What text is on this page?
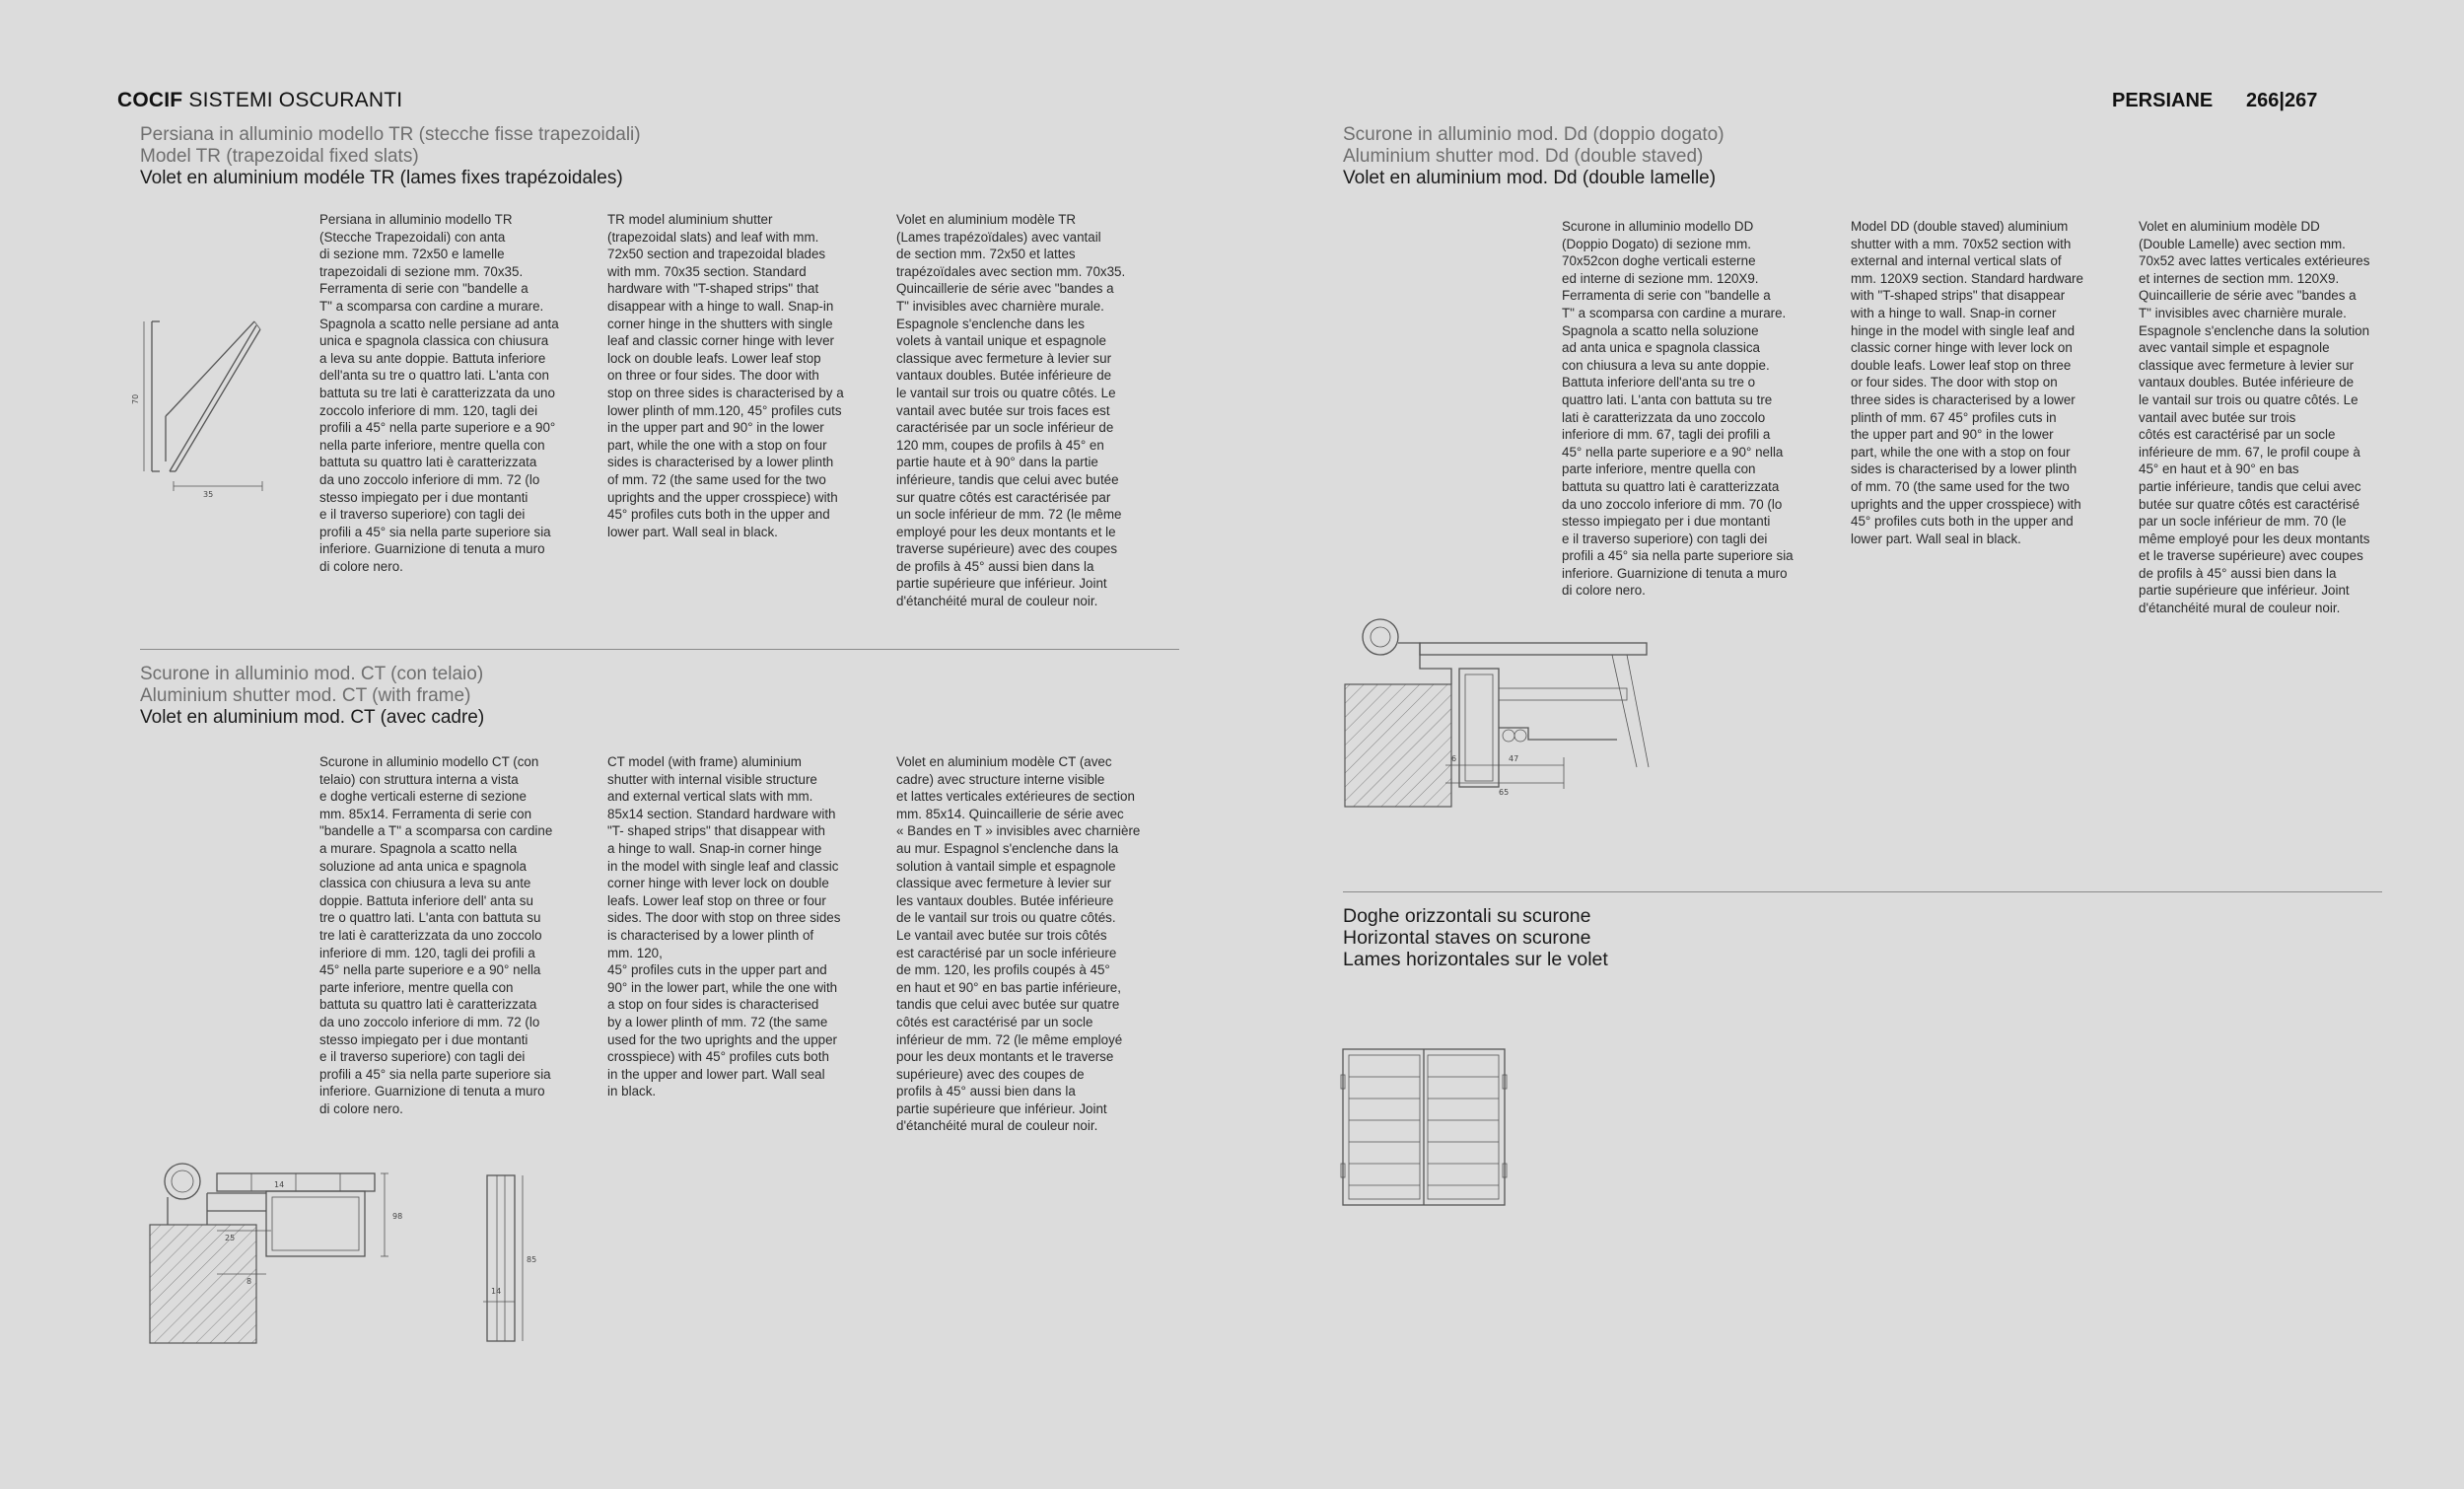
COCIF SISTEMI OSCURANTI	PERSIANE 266|267
Persiana in alluminio modello TR (stecche fisse trapezoidali)
Model TR (trapezoidal fixed slats)
Volet en aluminium modéle TR (lames fixes trapézoidales)
Persiana in alluminio modello TR
(Stecche Trapezoidali) con anta
di sezione mm. 72x50 e lamelle
trapezoidali di sezione mm. 70x35.
Ferramenta di serie con "bandelle a
T" a scomparsa con cardine a murare.
Spagnola a scatto nelle persiane ad anta
unica e spagnola classica con chiusura
a leva su ante doppie. Battuta inferiore
dell'anta su tre o quattro lati. L'anta con
battuta su tre lati è caratterizzata da uno
zoccolo inferiore di mm. 120, tagli dei
profili a 45° nella parte superiore e a 90°
nella parte inferiore, mentre quella con
battuta su quattro lati è caratterizzata
da uno zoccolo inferiore di mm. 72 (lo
stesso impiegato per i due montanti
e il traverso superiore) con tagli dei
profili a 45° sia nella parte superiore sia
inferiore. Guarnizione di tenuta a muro
di colore nero.
TR model aluminium shutter
(trapezoidal slats) and leaf with mm.
72x50 section and trapezoidal blades
with mm. 70x35 section. Standard
hardware with "T-shaped strips" that
disappear with a hinge to wall. Snap-in
corner hinge in the shutters with single
leaf and classic corner hinge with lever
lock on double leafs. Lower leaf stop
on three or four sides. The door with
stop on three sides is characterised by a
lower plinth of mm.120, 45° profiles cuts
in the upper part and 90° in the lower
part, while the one with a stop on four
sides is characterised by a lower plinth
of mm. 72 (the same used for the two
uprights and the upper crosspiece) with
45° profiles cuts both in the upper and
lower part. Wall seal in black.
Volet en aluminium modèle TR
(Lames trapézoïdales) avec vantail
de section mm. 72x50 et lattes
trapézoïdales avec section mm. 70x35.
Quincaillerie de série avec "bandes a
T" invisibles avec charnière murale.
Espagnole s'enclenche dans les
volets à vantail unique et espagnole
classique avec fermeture à levier sur
vantaux doubles. Butée inférieure de
le vantail sur trois ou quatre côtés. Le
vantail avec butée sur trois faces est
caractérisée par un socle inférieur de
120 mm, coupes de profils à 45° en
partie haute et à 90° dans la partie
inférieure, tandis que celui avec butée
sur quatre côtés est caractérisée par
un socle inférieur de mm. 72 (le même
employé pour les deux montants et le
traverse supérieure) avec des coupes
de profils à 45° aussi bien dans la
partie supérieure que inférieur. Joint
d'étanchéité mural de couleur noir.
35
70
Scurone in alluminio mod. CT (con telaio)
Aluminium shutter mod. CT (with frame)
Volet en aluminium mod. CT (avec cadre)
Scurone in alluminio modello CT (con
telaio) con struttura interna a vista
e doghe verticali esterne di sezione
mm. 85x14. Ferramenta di serie con
"bandelle a T" a scomparsa con cardine
a murare. Spagnola a scatto nella
soluzione ad anta unica e spagnola
classica con chiusura a leva su ante
doppie. Battuta inferiore dell' anta su
tre o quattro lati. L'anta con battuta su
tre lati è caratterizzata da uno zoccolo
inferiore di mm. 120, tagli dei profili a
45° nella parte superiore e a 90° nella
parte inferiore, mentre quella con
battuta su quattro lati è caratterizzata
da uno zoccolo inferiore di mm. 72 (lo
stesso impiegato per i due montanti
e il traverso superiore) con tagli dei
profili a 45° sia nella parte superiore sia
inferiore. Guarnizione di tenuta a muro
di colore nero.
CT model (with frame) aluminium
shutter with internal visible structure
and external vertical slats with mm.
85x14 section. Standard hardware with
"T- shaped strips" that disappear with
a hinge to wall. Snap-in corner hinge
in the model with single leaf and classic
corner hinge with lever lock on double
leafs. Lower leaf stop on three or four
sides. The door with stop on three sides
is characterised by a lower plinth of
mm. 120,
45° profiles cuts in the upper part and
90° in the lower part, while the one with
a stop on four sides is characterised
by a lower plinth of mm. 72 (the same
used for the two uprights and the upper
crosspiece) with 45° profiles cuts both
in the upper and lower part. Wall seal
in black.
Volet en aluminium modèle CT (avec
cadre) avec structure interne visible
et lattes verticales extérieures de section
mm. 85x14. Quincaillerie de série avec
« Bandes en T » invisibles avec charnière
au mur. Espagnol s'enclenche dans la
solution à vantail simple et espagnole
classique avec fermeture à levier sur
les vantaux doubles. Butée inférieure
de le vantail sur trois ou quatre côtés.
Le vantail avec butée sur trois côtés
est caractérisé par un socle inférieure
de mm. 120, les profils coupés à 45°
en haut et 90° en bas partie inférieure,
tandis que celui avec butée sur quatre
côtés est caractérisé par un socle
inférieur de mm. 72 (le même employé
pour les deux montants et le traverse
supérieure) avec des coupes de
profils à 45° aussi bien dans la
partie supérieure que inférieur. Joint
d'étanchéité mural de couleur noir.
14
25
98
8
14
85
Scurone in alluminio mod. Dd (doppio dogato)
Aluminium shutter mod. Dd (double staved)
Volet en aluminium mod. Dd (double lamelle)
Scurone in alluminio modello DD
(Doppio Dogato) di sezione mm.
70x52con doghe verticali esterne
ed interne di sezione mm. 120X9.
Ferramenta di serie con "bandelle a
T" a scomparsa con cardine a murare.
Spagnola a scatto nella soluzione
ad anta unica e spagnola classica
con chiusura a leva su ante doppie.
Battuta inferiore dell'anta su tre o
quattro lati. L'anta con battuta su tre
lati è caratterizzata da uno zoccolo
inferiore di mm. 67, tagli dei profili a
45° nella parte superiore e a 90° nella
parte inferiore, mentre quella con
battuta su quattro lati è caratterizzata
da uno zoccolo inferiore di mm. 70 (lo
stesso impiegato per i due montanti
e il traverso superiore) con tagli dei
profili a 45° sia nella parte superiore sia
inferiore. Guarnizione di tenuta a muro
di colore nero.
Model DD (double staved) aluminium
shutter with a mm. 70x52 section with
external and internal vertical slats of
mm. 120X9 section. Standard hardware
with "T-shaped strips" that disappear
with a hinge to wall. Snap-in corner
hinge in the model with single leaf and
classic corner hinge with lever lock on
double leafs. Lower leaf stop on three
or four sides. The door with stop on
three sides is characterised by a lower
plinth of mm. 67 45° profiles cuts in
the upper part and 90° in the lower
part, while the one with a stop on four
sides is characterised by a lower plinth
of mm. 70 (the same used for the two
uprights and the upper crosspiece) with
45° profiles cuts both in the upper and
lower part. Wall seal in black.
Volet en aluminium modèle DD
(Double Lamelle) avec section mm.
70x52 avec lattes verticales extérieures
et internes de section mm. 120X9.
Quincaillerie de série avec "bandes a
T" invisibles avec charnière murale.
Espagnole s'enclenche dans la solution
avec vantail simple et espagnole
classique avec fermeture à levier sur
vantaux doubles. Butée inférieure de
le vantail sur trois ou quatre côtés. Le
vantail avec butée sur trois
côtés est caractérisé par un socle
inférieure de mm. 67, le profil coupe à
45° en haut et à 90° en bas
partie inférieure, tandis que celui avec
butée sur quatre côtés est caractérisé
par un socle inférieur de mm. 70 (le
même employé pour les deux montants
et le traverse supérieure) avec coupes
de profils à 45° aussi bien dans la
partie supérieure que inférieur. Joint
d'étanchéité mural de couleur noir.
6	47
65
Doghe orizzontali su scurone
Horizontal staves on scurone
Lames horizontales sur le volet
